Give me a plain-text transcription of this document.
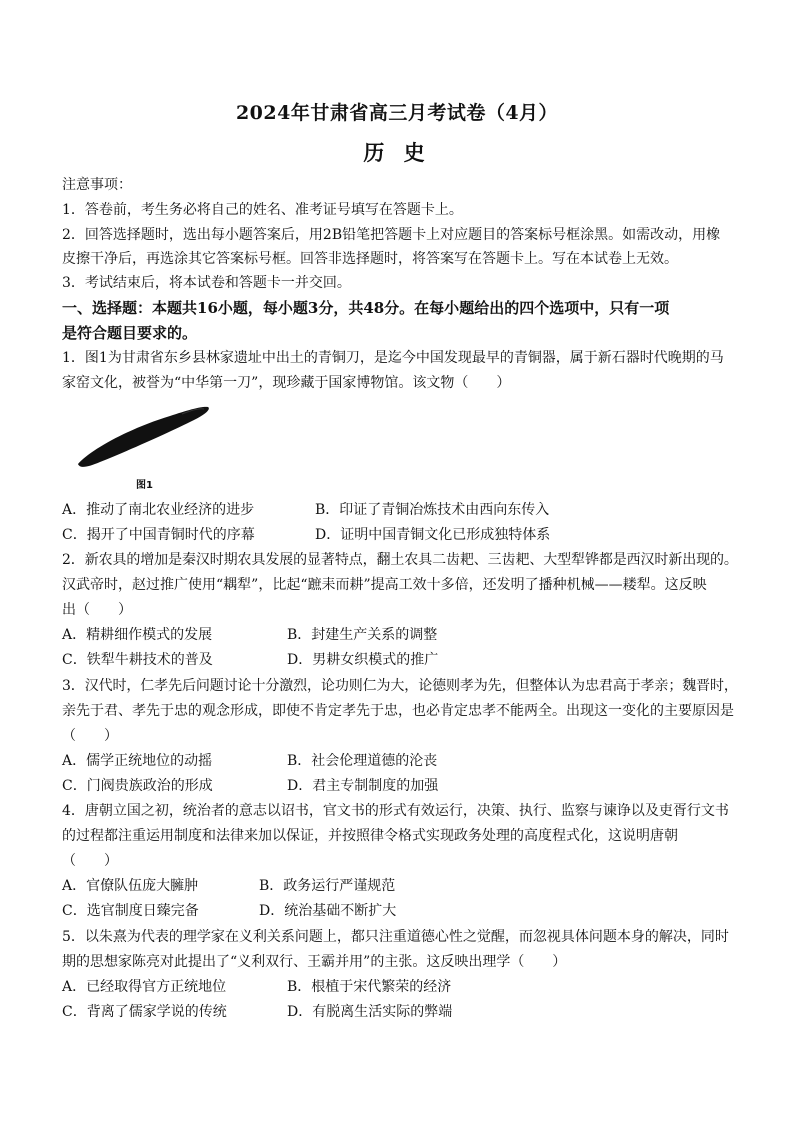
2024年甘肃省高三月考试卷（4月）
历 史
注意事项：
1．答卷前，考生务必将自己的姓名、准考证号填写在答题卡上。
2．回答选择题时，选出每小题答案后，用2B铅笔把答题卡上对应题目的答案标号框涂黑。如需改动，用橡
皮擦干净后，再选涂其它答案标号框。回答非选择题时，将答案写在答题卡上。写在本试卷上无效。
3．考试结束后，将本试卷和答题卡一并交回。
一、选择题：本题共16小题，每小题3分，共48分。在每小题给出的四个选项中，只有一项
是符合题目要求的。
1．图1为甘肃省东乡县林家遗址中出土的青铜刀，是迄今中国发现最早的青铜器，属于新石器时代晚期的马
家窑文化，被誉为“中华第一刀”，现珍藏于国家博物馆。该文物（　　）
图1
A．推动了南北农业经济的进步	B．印证了青铜冶炼技术由西向东传入
C．揭开了中国青铜时代的序幕	D．证明中国青铜文化已形成独特体系
2．新农具的增加是秦汉时期农具发展的显著特点，翻土农具二齿耙、三齿耙、大型犁铧都是西汉时新出现的。
汉武帝时，赵过推广使用“耦犁”，比起“蹠耒而耕”提高工效十多倍，还发明了播种机械——耧犁。这反映
出（　　）
A．精耕细作模式的发展	B．封建生产关系的调整
C．铁犁牛耕技术的普及	D．男耕女织模式的推广
3．汉代时，仁孝先后问题讨论十分激烈，论功则仁为大，论德则孝为先，但整体认为忠君高于孝亲；魏晋时，
亲先于君、孝先于忠的观念形成，即使不肯定孝先于忠，也必肯定忠孝不能两全。出现这一变化的主要原因是
（　　）
A．儒学正统地位的动摇	B．社会伦理道德的沦丧
C．门阀贵族政治的形成	D．君主专制制度的加强
4．唐朝立国之初，统治者的意志以诏书，官文书的形式有效运行，决策、执行、监察与谏诤以及吏胥行文书
的过程都注重运用制度和法律来加以保证，并按照律令格式实现政务处理的高度程式化，这说明唐朝
（　　）
A．官僚队伍庞大臃肿	B．政务运行严谨规范
C．选官制度日臻完备	D．统治基础不断扩大
5．以朱熹为代表的理学家在义利关系问题上，都只注重道德心性之觉醒，而忽视具体问题本身的解决，同时
期的思想家陈亮对此提出了“义利双行、王霸并用”的主张。这反映出理学（　　）
A．已经取得官方正统地位	B．根植于宋代繁荣的经济
C．背离了儒家学说的传统	D．有脱离生活实际的弊端
